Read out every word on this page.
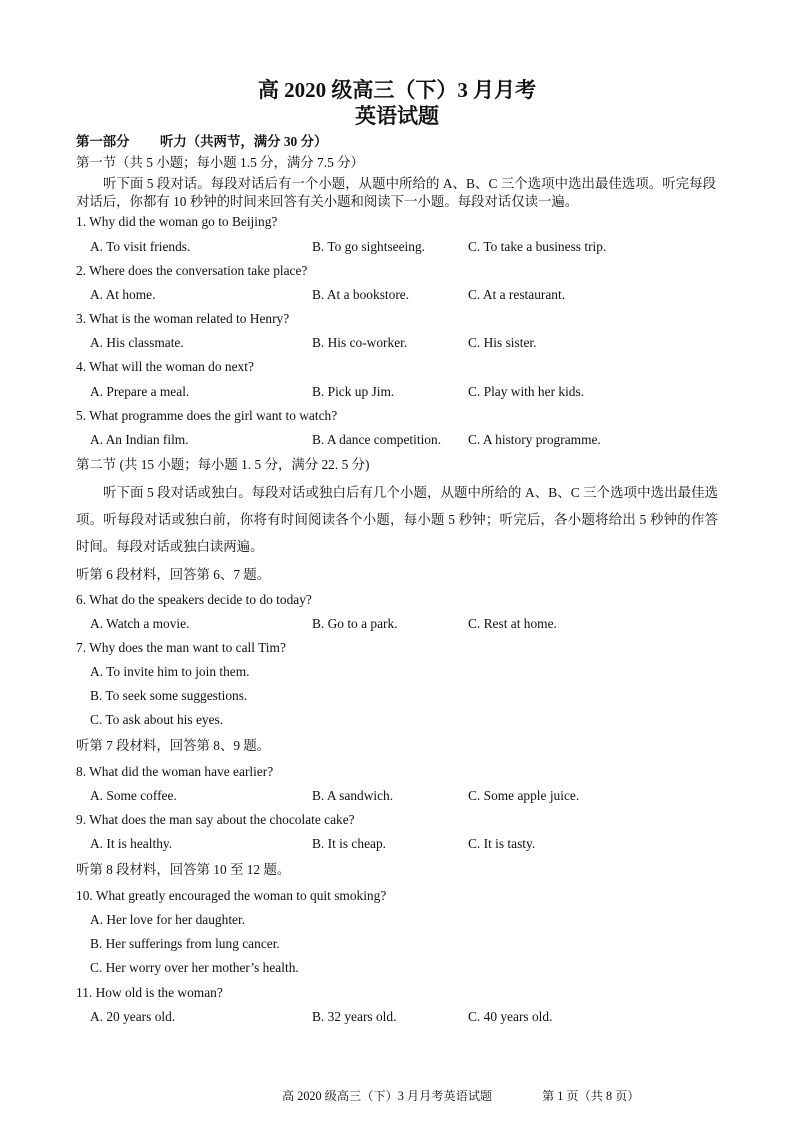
高 2020 级高三（下）3 月月考
英语试题
第一部分 听力（共两节，满分 30 分）
第一节（共 5 小题；每小题 1.5 分，满分 7.5 分）

听下面 5 段对话。每段对话后有一个小题，从题中所给的 A、B、C 三个选项中选出最佳选项。听完每段对话后，你都有 10 秒钟的时间来回答有关小题和阅读下一小题。每段对话仅读一遍。

1. Why did the woman go to Beijing?
A. To visit friends.	B. To go sightseeing.	C. To take a business trip.
2. Where does the conversation take place?
A. At home.	B. At a bookstore.	C. At a restaurant.
3. What is the woman related to Henry?
A. His classmate.	B. His co-worker.	C. His sister.
4. What will the woman do next?
A. Prepare a meal.	B. Pick up Jim.	C. Play with her kids.
5. What programme does the girl want to watch?
A. An Indian film.	B. A dance competition. C. A history programme.
第二节 (共 15 小题；每小题 1. 5 分，满分 22. 5 分)

听下面 5 段对话或独白。每段对话或独白后有几个小题，从题中所给的 A、B、C 三个选项中选出最佳选项。听每段对话或独白前，你将有时间阅读各个小题，每小题 5 秒钟；听完后，各小题将给出 5 秒钟的作答时间。每段对话或独白读两遍。

听第 6 段材料，回答第 6、7 题。
6. What do the speakers decide to do today?
A. Watch a movie.	B. Go to a park.	C. Rest at home.
7. Why does the man want to call Tim?
A. To invite him to join them.
B. To seek some suggestions.
C. To ask about his eyes.
听第 7 段材料，回答第 8、9 题。
8. What did the woman have earlier?
A. Some coffee.	B. A sandwich.	C. Some apple juice.
9. What does the man say about the chocolate cake?
A. It is healthy.	B. It is cheap.	C. It is tasty.
听第 8 段材料，回答第 10 至 12 题。
10. What greatly encouraged the woman to quit smoking?
A. Her love for her daughter.
B. Her sufferings from lung cancer.
C. Her worry over her mother’s health.
11. How old is the woman?
A. 20 years old.	B. 32 years old.	C. 40 years old.
高 2020 级高三（下）3 月月考英语试题	第 1 页（共 8 页）
